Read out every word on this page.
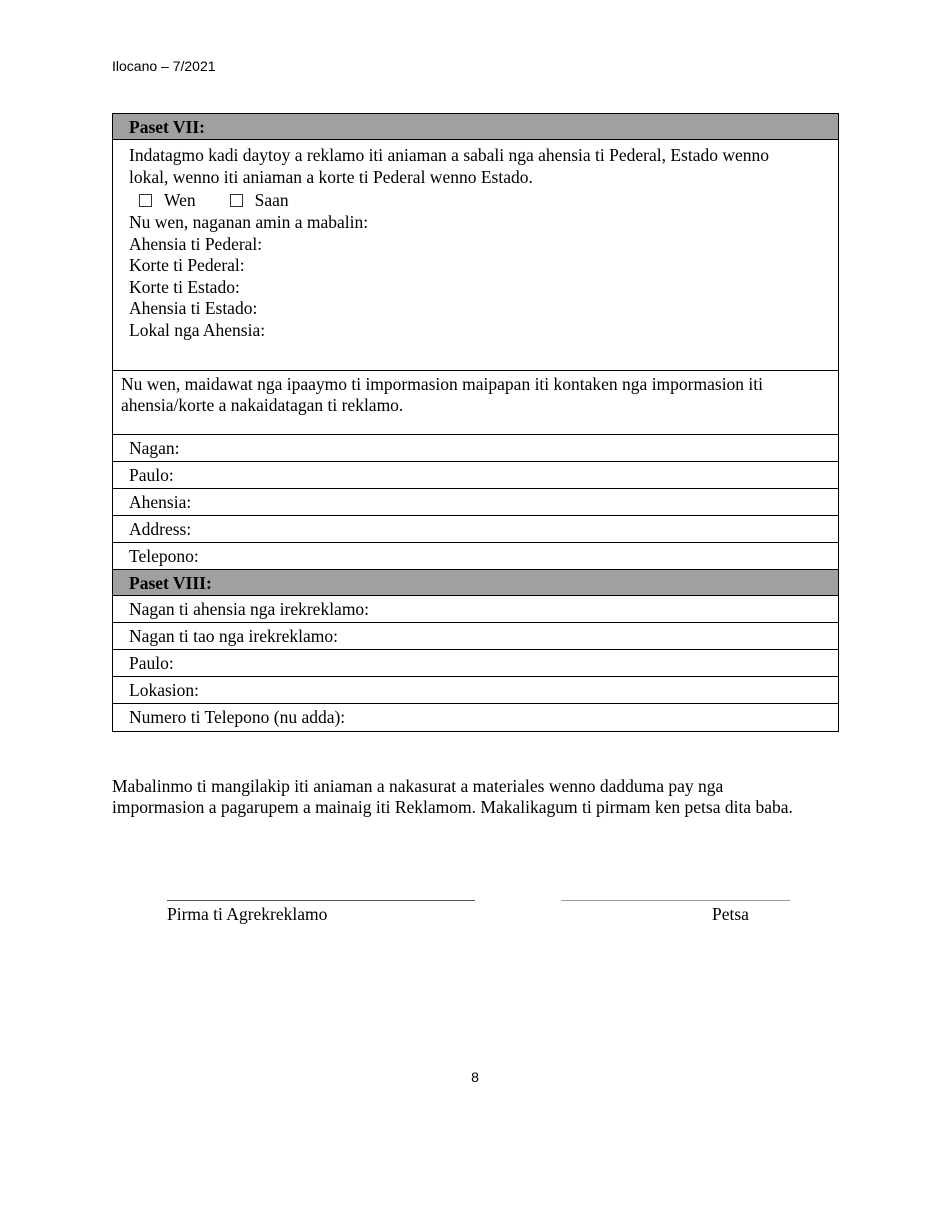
Ilocano – 7/2021
Paset VII:
Indatagmo kadi daytoy a reklamo iti aniaman a sabali nga ahensia ti Pederal, Estado wenno
lokal, wenno iti aniaman a korte ti Pederal wenno Estado.
Wen	Saan
Nu wen, naganan amin a mabalin:
Ahensia ti Pederal:
Korte ti Pederal:
Korte ti Estado:
Ahensia ti Estado:
Lokal nga Ahensia:
Nu wen, maidawat nga ipaaymo ti impormasion maipapan iti kontaken nga impormasion iti
ahensia/korte a nakaidatagan ti reklamo.
Nagan:
Paulo:
Ahensia:
Address:
Telepono:
Paset VIII:
Nagan ti ahensia nga irekreklamo:
Nagan ti tao nga irekreklamo:
Paulo:
Lokasion:
Numero ti Telepono (nu adda):
Mabalinmo ti mangilakip iti aniaman a nakasurat a materiales wenno dadduma pay nga
impormasion a pagarupem a mainaig iti Reklamom. Makalikagum ti pirmam ken petsa dita baba.
Pirma ti Agrekreklamo	Petsa
8
